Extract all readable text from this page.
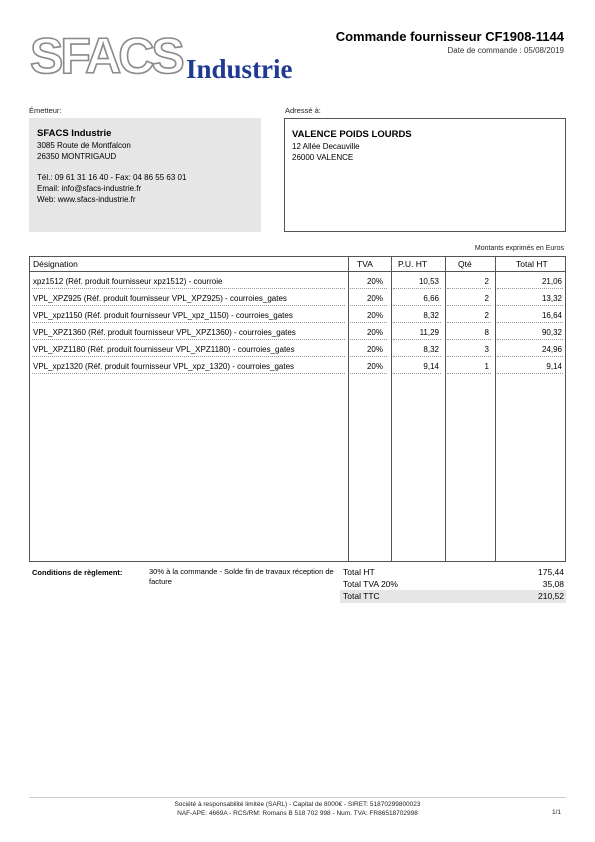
SFACS Industrie
Commande fournisseur CF1908-1144
Date de commande : 05/08/2019
Émetteur:
SFACS Industrie
3085 Route de Montfalcon
26350 MONTRIGAUD
Tél.: 09 61 31 16 40 - Fax: 04 86 55 63 01
Email: info@sfacs-industrie.fr
Web: www.sfacs-industrie.fr
Adressé à:
VALENCE POIDS LOURDS
12 Allée Decauville
26000 VALENCE
Montants exprimés en Euros
Désignation	TVA	P.U. HT	Qté	Total HT
xpz1512 (Réf. produit fournisseur xpz1512) - courroie	20%	10,53	2	21,06
VPL_XPZ925 (Réf. produit fournisseur VPL_XPZ925) - courroies_gates	20%	6,66	2	13,32
VPL_xpz1150 (Réf. produit fournisseur VPL_xpz_1150) - courroies_gates	20%	8,32	2	16,64
VPL_XPZ1360 (Réf. produit fournisseur VPL_XPZ1360) - courroies_gates	20%	11,29	8	90,32
VPL_XPZ1180 (Réf. produit fournisseur VPL_XPZ1180) - courroies_gates	20%	8,32	3	24,96
VPL_xpz1320 (Réf. produit fournisseur VPL_xpz_1320) - courroies_gates	20%	9,14	1	9,14
Conditions de règlement:	30% à la commande - Solde fin de travaux réception de facture
Total HT	175,44
Total TVA 20%	35,08
Total TTC	210,52
Société à responsabilité limitée (SARL) - Capital de 8000€ - SIRET: 51870299800023
NAF-APE: 4669A - RCS/RM: Romans B 518 702 998 - Num. TVA: FR86518702998	1/1
